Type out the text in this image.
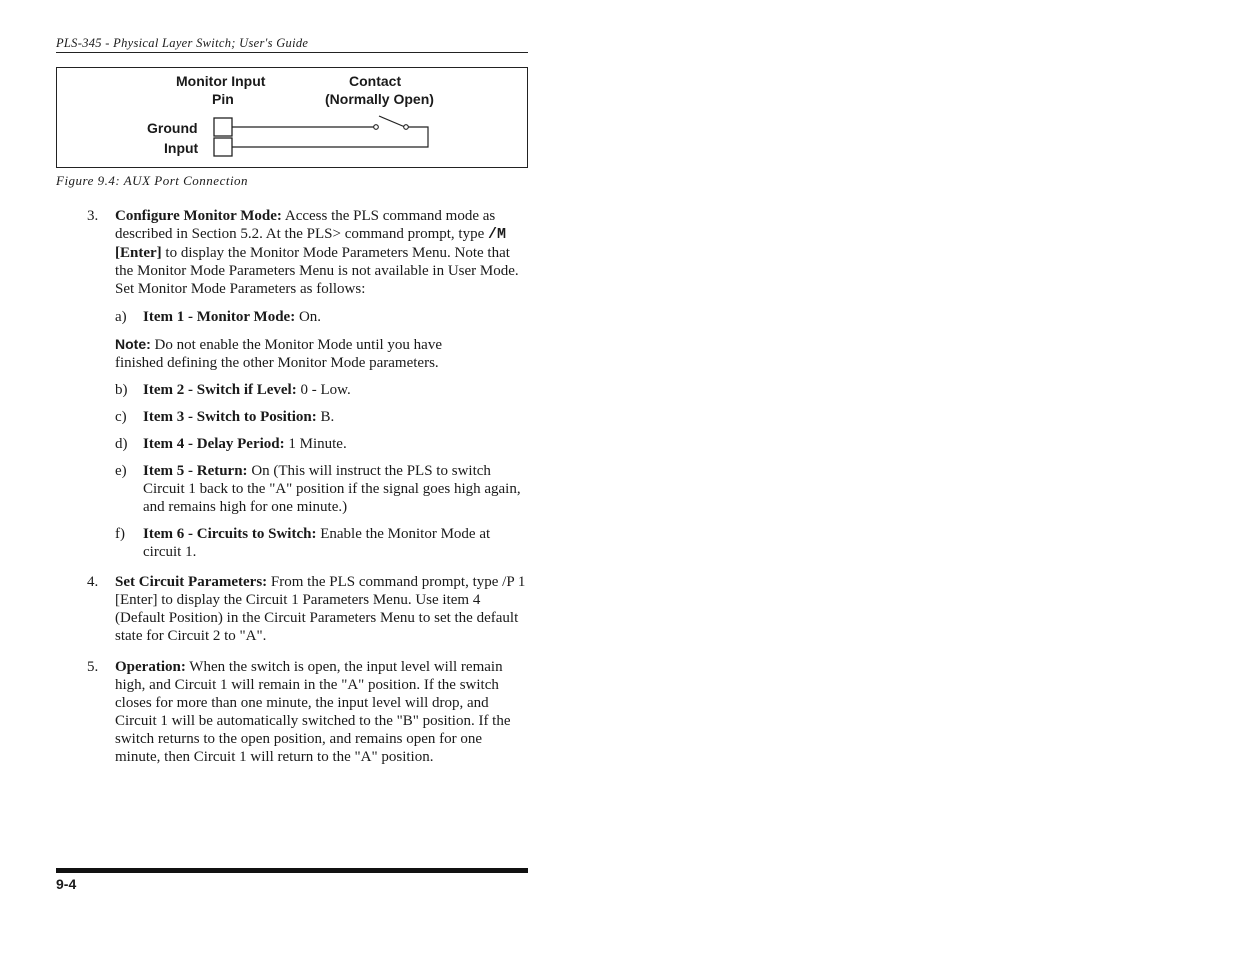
PLS-345 - Physical Layer Switch; User's Guide
Monitor Input
Pin
Contact
(Normally Open)
Ground
Input
Figure 9.4: AUX Port Connection
3. Configure Monitor Mode: Access the PLS command mode as described in Section 5.2. At the PLS> command prompt, type /M [Enter] to display the Monitor Mode Parameters Menu. Note that the Monitor Mode Parameters Menu is not available in User Mode. Set Monitor Mode Parameters as follows:
a) Item 1 - Monitor Mode: On.
Note: Do not enable the Monitor Mode until you have finished defining the other Monitor Mode parameters.
b) Item 2 - Switch if Level: 0 - Low.
c) Item 3 - Switch to Position: B.
d) Item 4 - Delay Period: 1 Minute.
e) Item 5 - Return: On (This will instruct the PLS to switch Circuit 1 back to the "A" position if the signal goes high again, and remains high for one minute.)
f) Item 6 - Circuits to Switch: Enable the Monitor Mode at circuit 1.
4. Set Circuit Parameters: From the PLS command prompt, type /P 1 [Enter] to display the Circuit 1 Parameters Menu. Use item 4 (Default Position) in the Circuit Parameters Menu to set the default state for Circuit 2 to "A".
5. Operation: When the switch is open, the input level will remain high, and Circuit 1 will remain in the "A" position. If the switch closes for more than one minute, the input level will drop, and Circuit 1 will be automatically switched to the "B" position. If the switch returns to the open position, and remains open for one minute, then Circuit 1 will return to the "A" position.
9-4
